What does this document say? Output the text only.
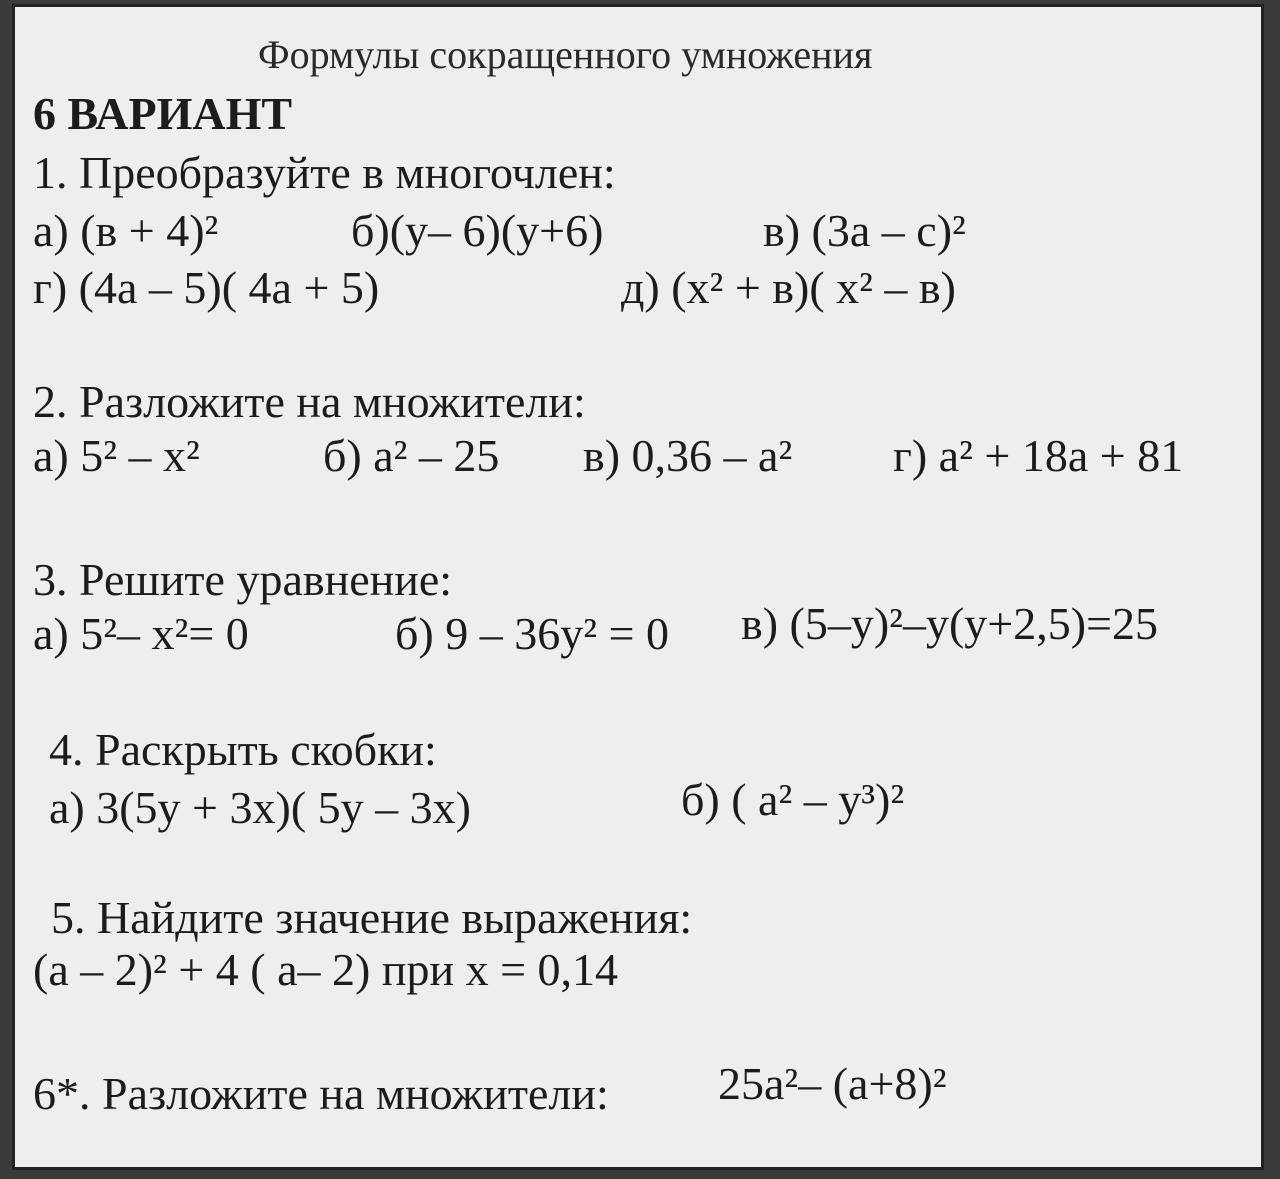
Формулы сокращенного умножения
6 ВАРИАНТ
1. Преобразуйте в многочлен:
а) (в + 4)²	б)(у– 6)(у+6)	в) (3а – с)²
г) (4а – 5)( 4а + 5)	д) (х² + в)( х² – в)
2. Разложите на множители:
а) 5² – х²	б) а² – 25 в) 0,36 – а² г) а² + 18а + 81
3. Решите уравнение:
а) 5²– х²= 0	б) 9 – 36у² = 0 в) (5–у)²–у(у+2,5)=25
4. Раскрыть скобки:
а) 3(5у + 3х)( 5у – 3х)	б) ( а² – у³)²
5. Найдите значение выражения:
(а – 2)² + 4 ( а– 2) при х = 0,14
6*. Разложите на множители: 25а²– (а+8)²
